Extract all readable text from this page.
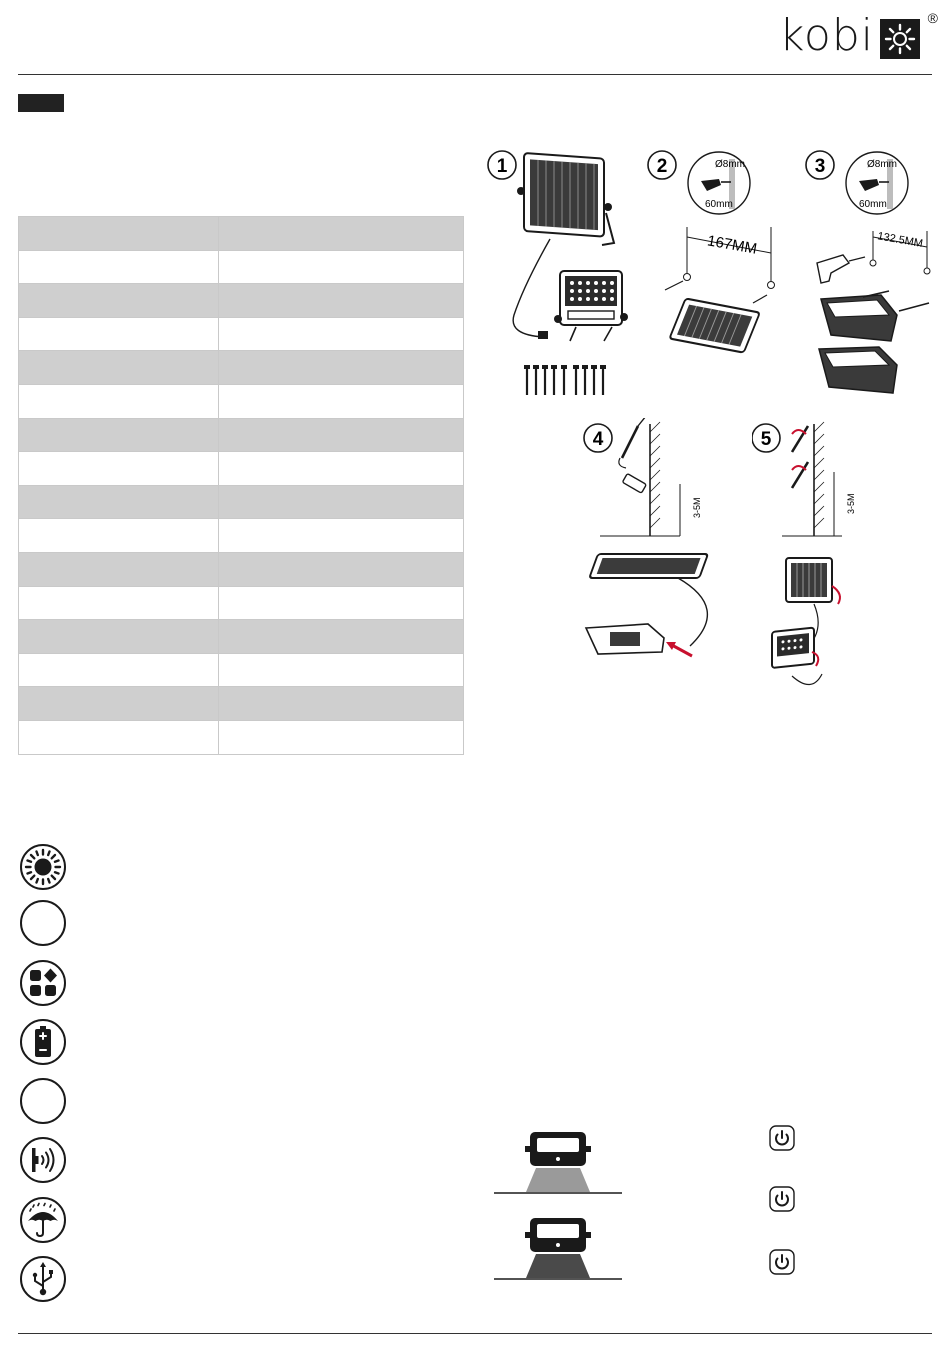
kobi	®

1	2	Ø8mm
60mm
167MM
3	Ø8mm
60mm
132.5MM
4
3-5M
5
3-5M
